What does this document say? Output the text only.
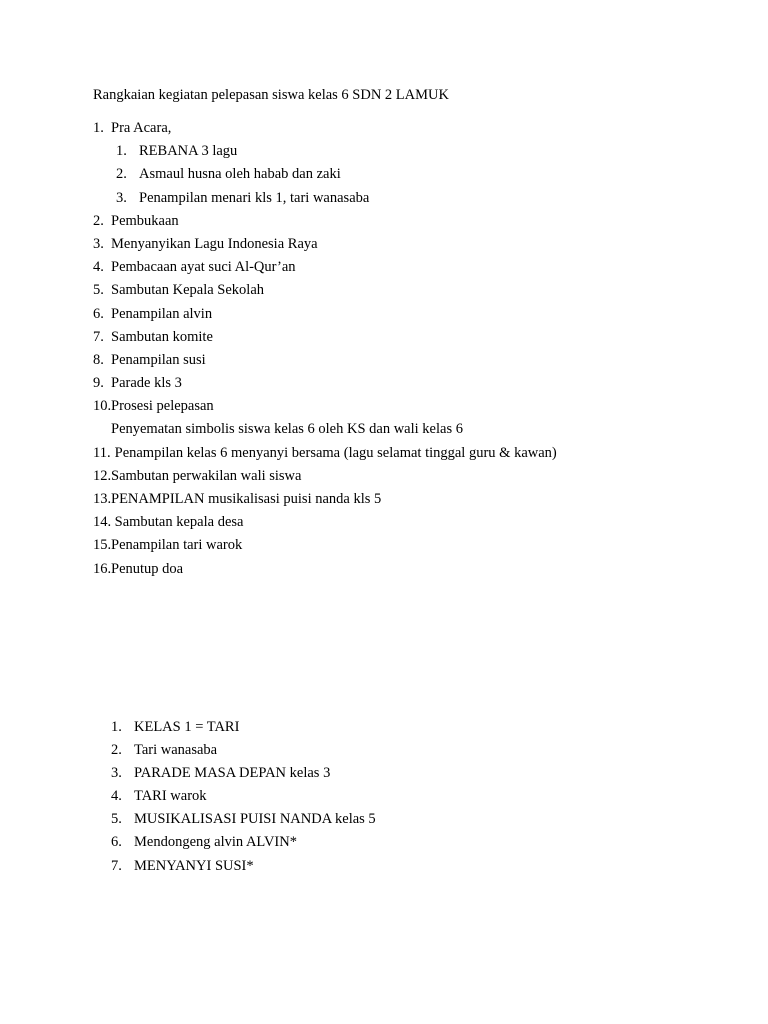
Rangkaian kegiatan pelepasan siswa kelas 6 SDN 2 LAMUK
1. Pra Acara,
1. REBANA 3 lagu
2. Asmaul husna oleh habab dan zaki
3. Penampilan menari kls 1, tari wanasaba
2. Pembukaan
3. Menyanyikan Lagu Indonesia Raya
4. Pembacaan ayat suci Al-Qur’an
5. Sambutan Kepala Sekolah
6. Penampilan alvin
7. Sambutan komite
8. Penampilan susi
9. Parade kls 3
10. Prosesi pelepasan
Penyematan simbolis siswa kelas 6 oleh KS dan wali kelas 6
11. Penampilan kelas 6 menyanyi bersama (lagu selamat tinggal guru & kawan)
12. Sambutan perwakilan wali siswa
13. PENAMPILAN musikalisasi puisi nanda kls 5
14. Sambutan kepala desa
15. Penampilan tari warok
16. Penutup doa
1. KELAS 1 = TARI
2. Tari wanasaba
3. PARADE MASA DEPAN kelas 3
4. TARI warok
5. MUSIKALISASI PUISI NANDA kelas 5
6. Mendongeng alvin ALVIN*
7. MENYANYI SUSI*
